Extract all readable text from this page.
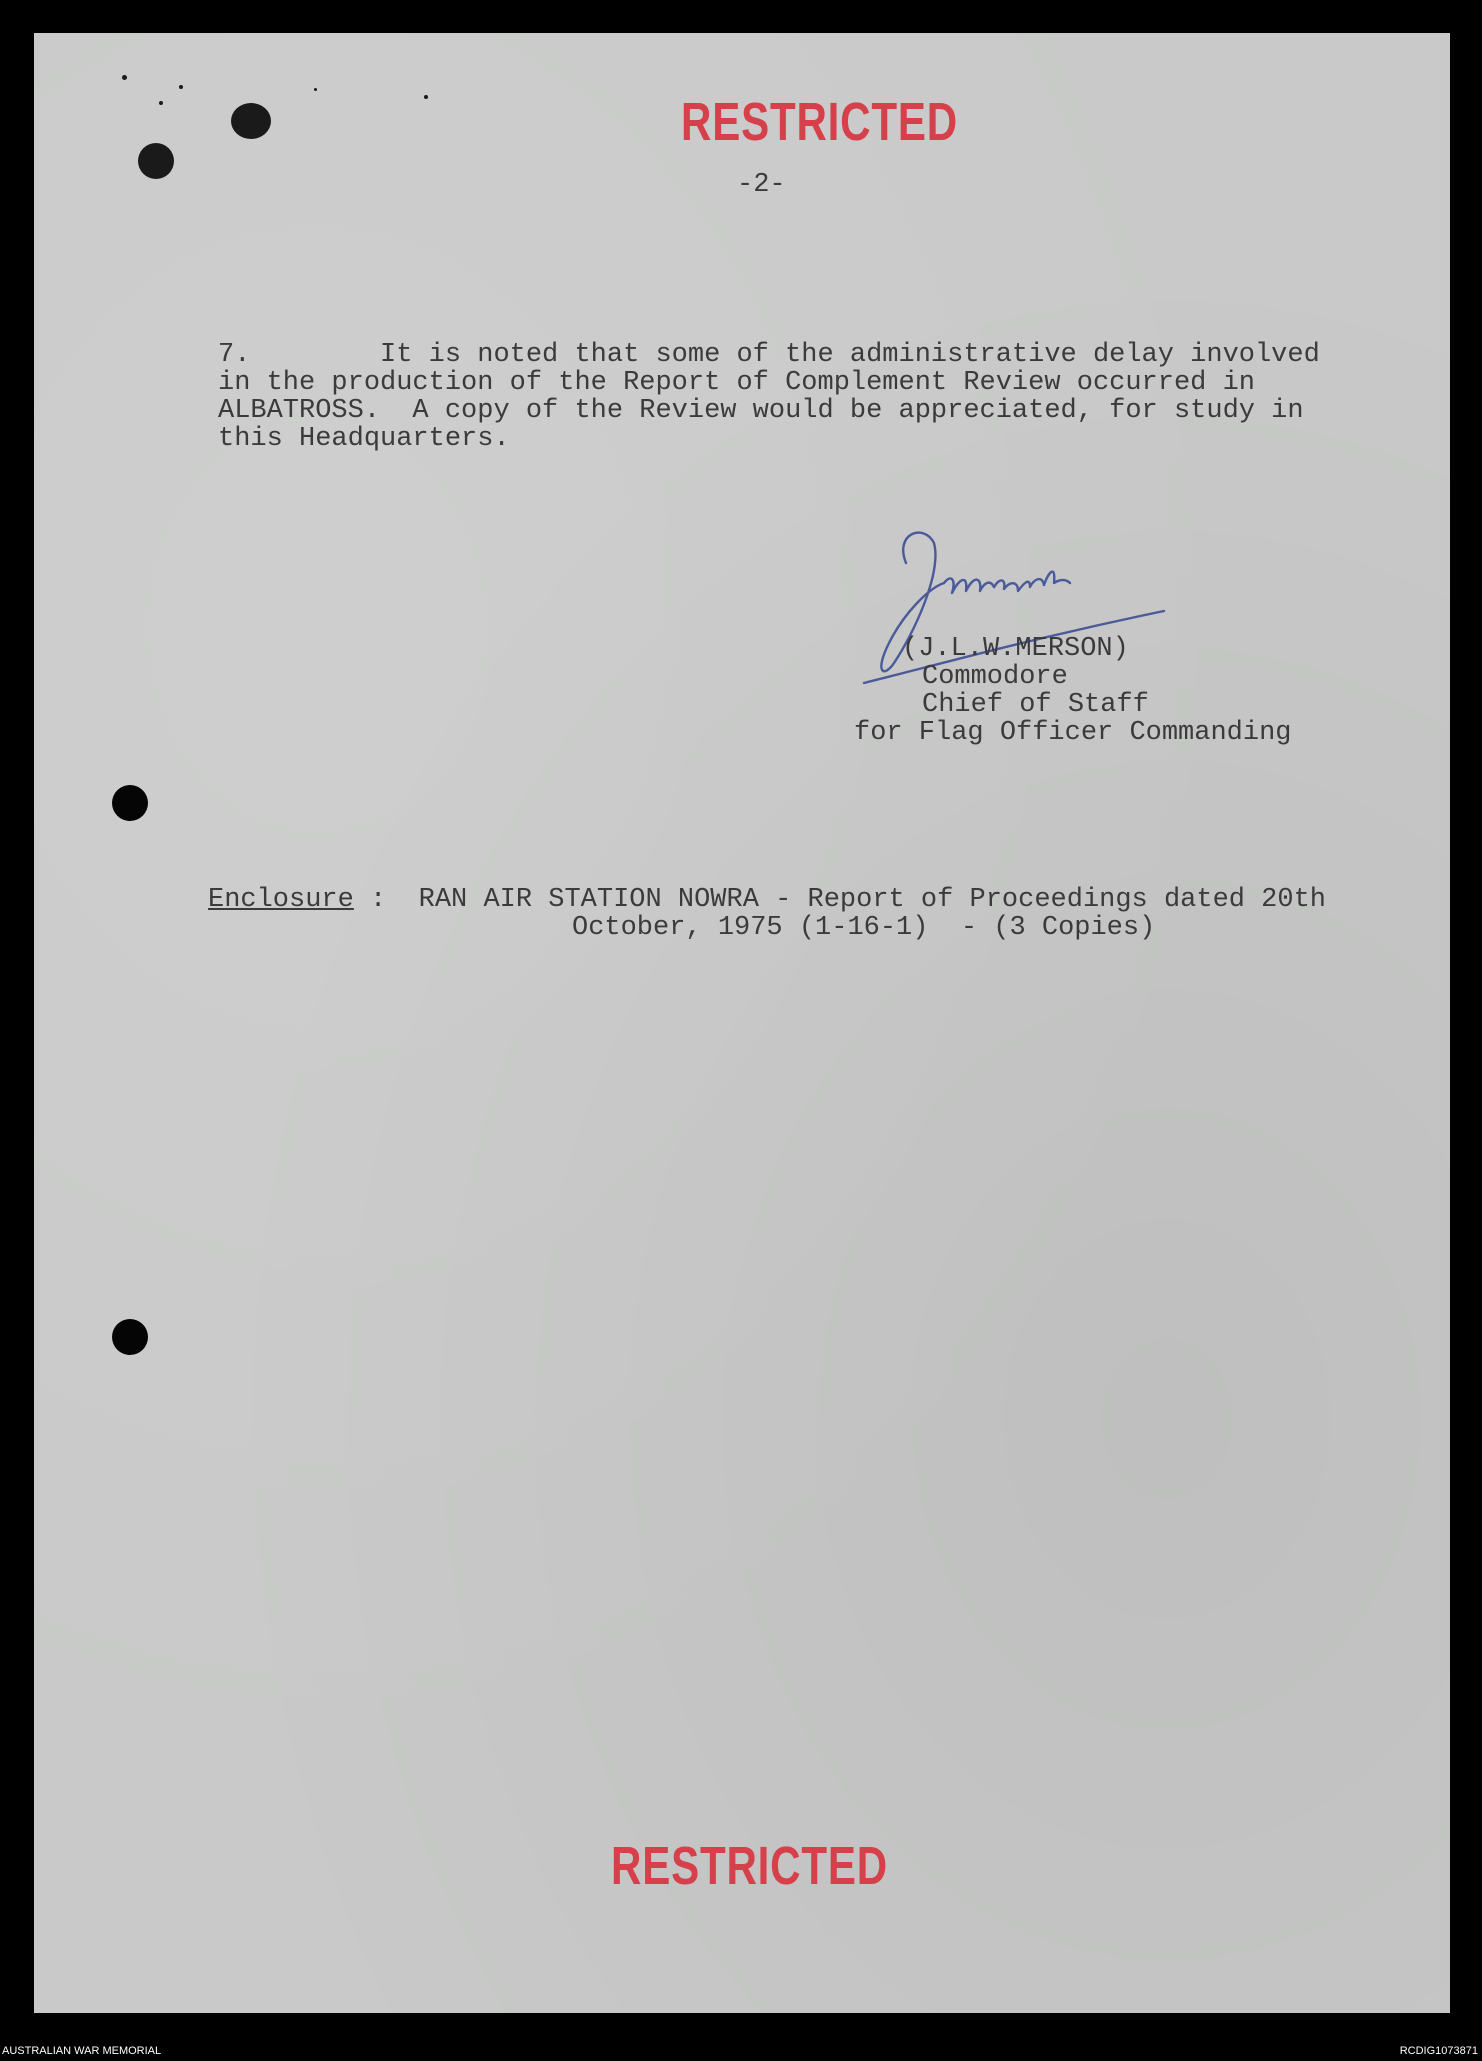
RESTRICTED
-2-
7.        It is noted that some of the administrative delay involved
in the production of the Report of Complement Review occurred in
ALBATROSS.  A copy of the Review would be appreciated, for study in
this Headquarters.
(J.L.W.MERSON)
Commodore
Chief of Staff
for Flag Officer Commanding
Enclosure :  RAN AIR STATION NOWRA - Report of Proceedings dated 20th
October, 1975 (1-16-1)  - (3 Copies)
RESTRICTED
AUSTRALIAN WAR MEMORIAL	RCDIG1073871
